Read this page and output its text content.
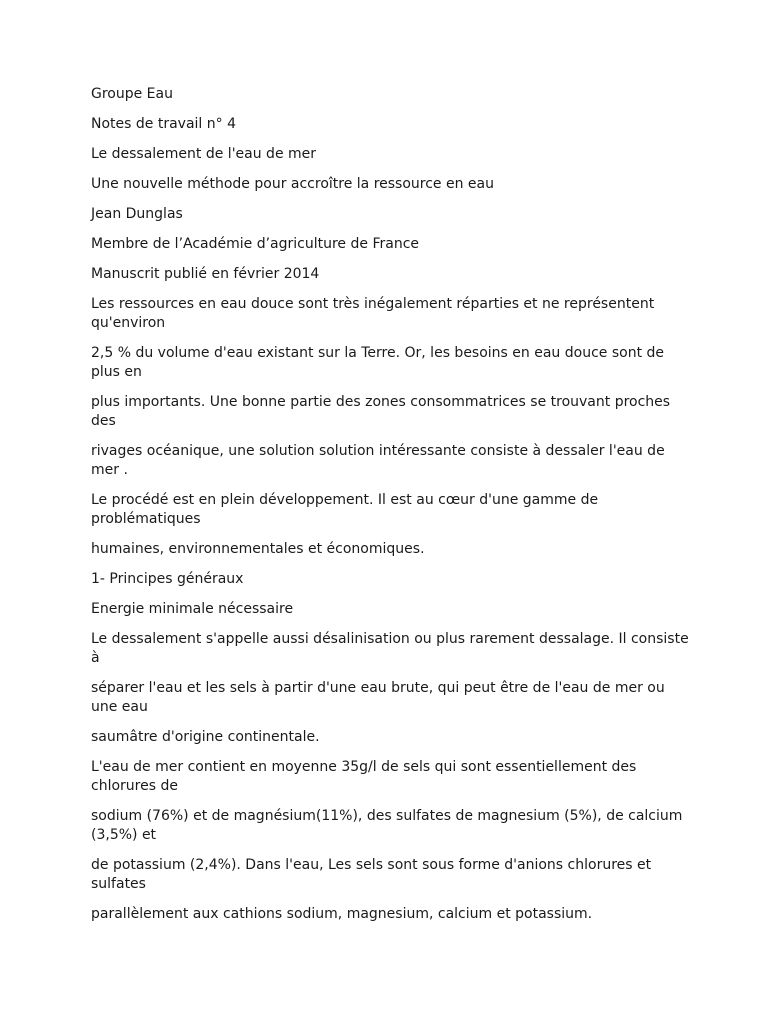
Groupe Eau

Notes de travail n° 4

Le dessalement de l'eau de mer

Une nouvelle méthode pour accroître la ressource en eau

Jean Dunglas

Membre de l’Académie d’agriculture de France

Manuscrit publié en février 2014

Les ressources en eau douce sont très inégalement réparties et ne représentent qu'environ

2,5 % du volume d'eau existant sur la Terre. Or, les besoins en eau douce sont de plus en

plus importants. Une bonne partie des zones consommatrices se trouvant proches des

rivages océanique, une solution solution intéressante consiste à dessaler l'eau de mer .

Le procédé est en plein développement. Il est au cœur d'une gamme de problématiques

humaines, environnementales et économiques.

1- Principes généraux

Energie minimale nécessaire

Le dessalement s'appelle aussi désalinisation ou plus rarement dessalage. Il consiste à

séparer l'eau et les sels à partir d'une eau brute, qui peut être de l'eau de mer ou une eau

saumâtre d'origine continentale.

L'eau de mer contient en moyenne 35g/l de sels qui sont essentiellement des chlorures de

sodium (76%) et de magnésium(11%), des sulfates de magnesium (5%), de calcium (3,5%) et

de potassium (2,4%). Dans l'eau, Les sels sont sous forme d'anions chlorures et sulfates

parallèlement aux cathions sodium, magnesium, calcium et potassium.
